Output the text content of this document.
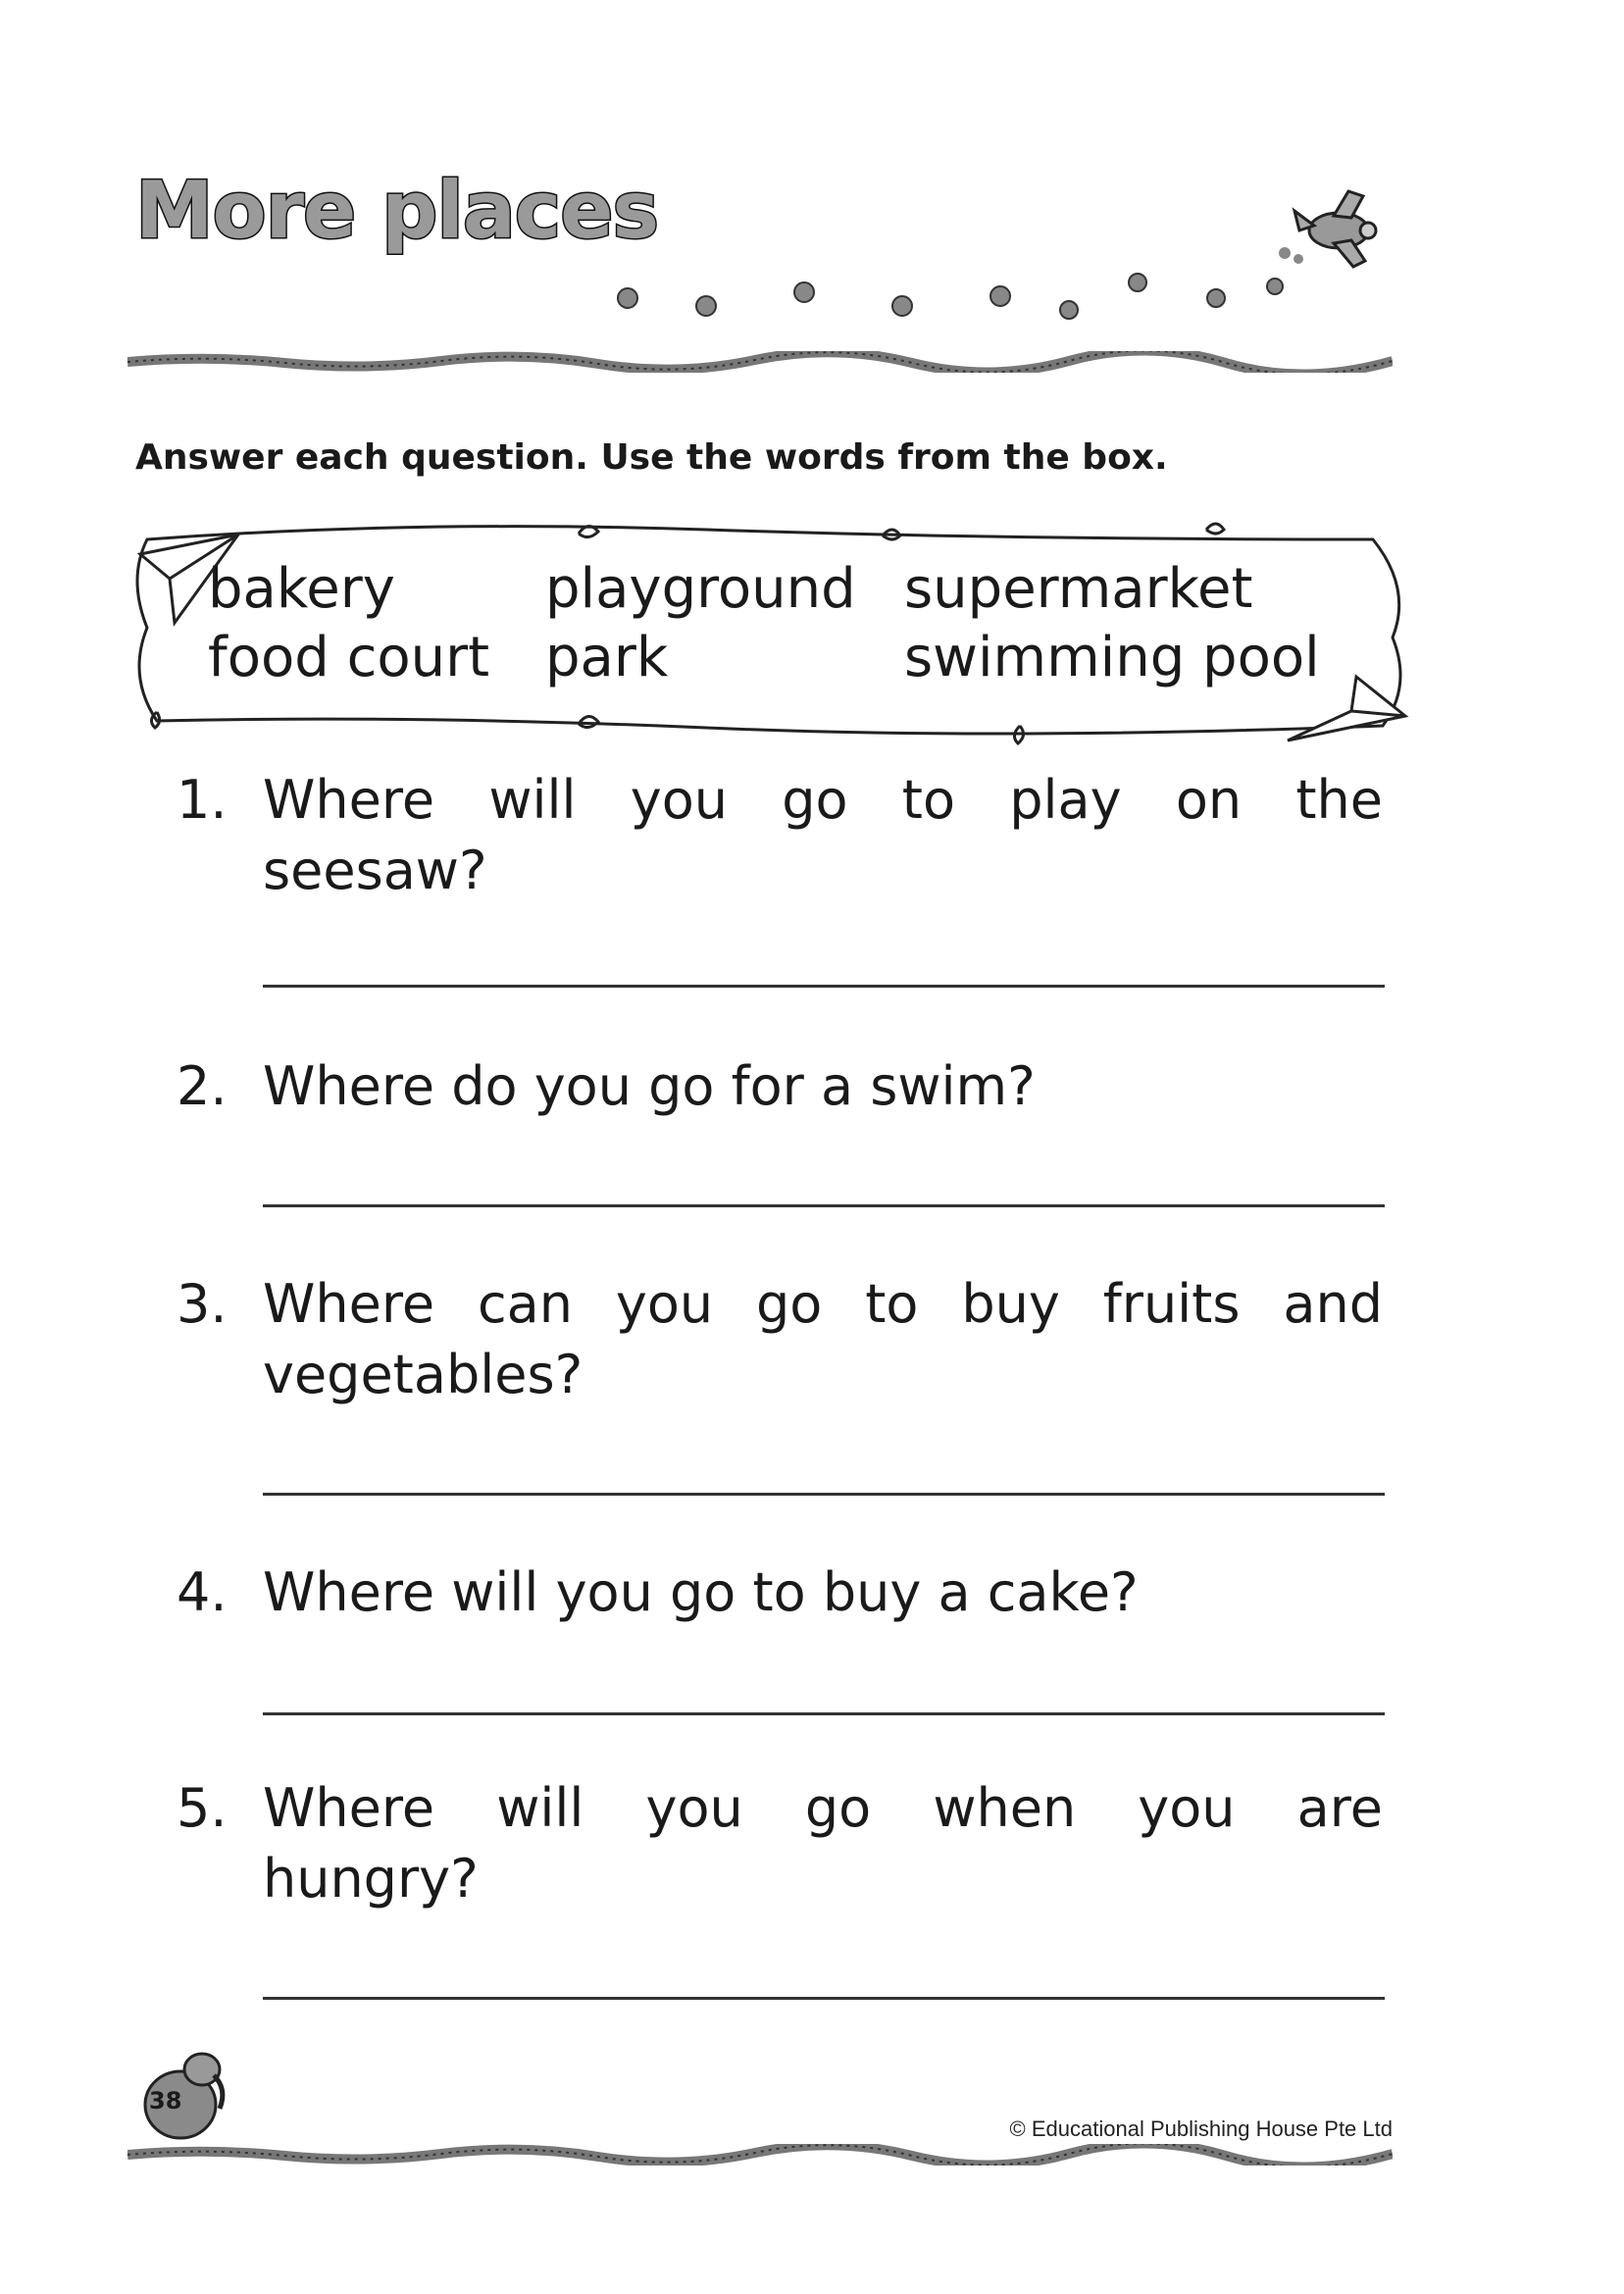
More places
Answer each question. Use the words from the box.
bakery	playground supermarket
food court park	swimming pool
1. Where will you go to play on the seesaw?
2. Where do you go for a swim?
3. Where can you go to buy fruits and vegetables?
4. Where will you go to buy a cake?
5. Where will you go when you are hungry?
38
© Educational Publishing House Pte Ltd
